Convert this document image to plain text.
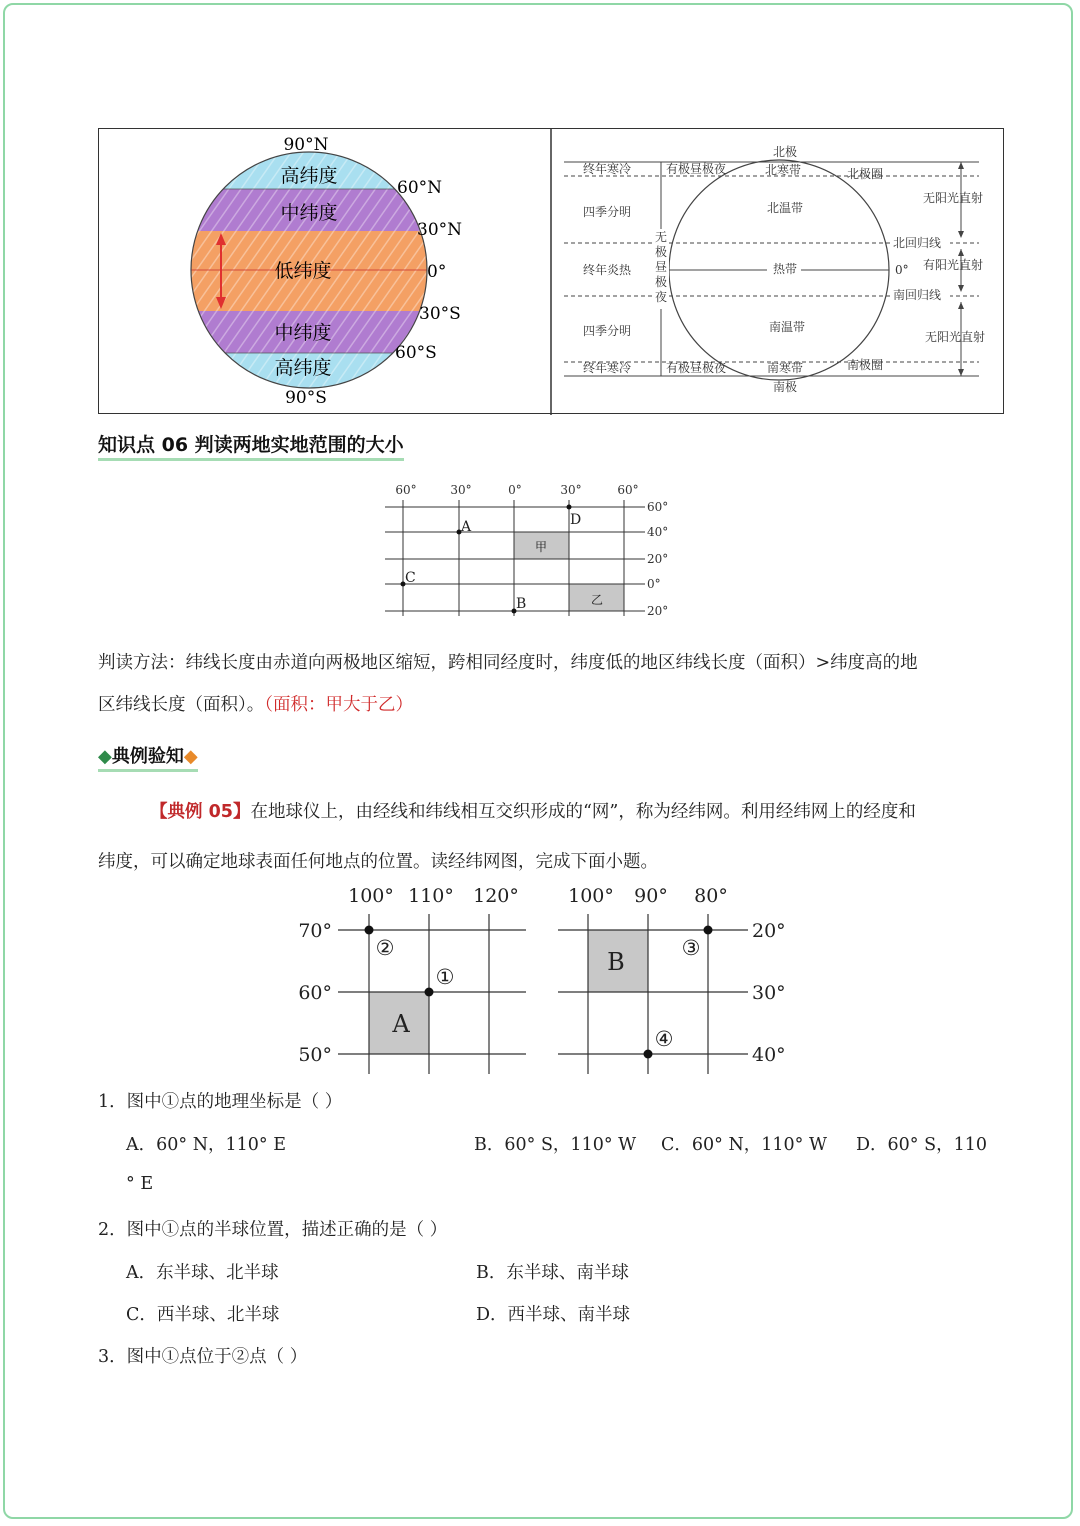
高纬度
中纬度
低纬度
中纬度
高纬度
90°N
60°N
30°N
0°
30°S
60°S
90°S
北极
南极
终年寒冷
四季分明
终年炎热
四季分明
终年寒冷
有极昼极夜
有极昼极夜
无
极
昼
极
夜
北寒带
北温带
热带
南温带
南寒带
北极圈
北回归线
0°
南回归线
南极圈
无阳光直射
有阳光直射
无阳光直射
知识点 06 判读两地实地范围的大小
60°	30°	0°	30°	60°
60°
40°
20°
0°
20°
A
C
B
D
甲
乙
判读方法：纬线长度由赤道向两极地区缩短，跨相同经度时，纬度低的地区纬线长度（面积）>纬度高的地
区纬线长度（面积）。（面积：甲大于乙）
◆典例验知◆
【典例 05】在地球仪上，由经线和纬线相互交织形成的“网”，称为经纬网。利用经纬网上的经度和
纬度，可以确定地球表面任何地点的位置。读经纬网图，完成下面小题。
100° 110° 120°
70°
60°
50°
A
②
①
100° 90° 80°
20°
30°
40°
B	③
④
1．图中①点的地理坐标是（ ）
A．60° N，110° E	B．60° S，110° W C．60° N，110° W D．60° S，110
° E
2．图中①点的半球位置，描述正确的是（ ）
A．东半球、北半球	B．东半球、南半球
C．西半球、北半球	D．西半球、南半球
3．图中①点位于②点（ ）
